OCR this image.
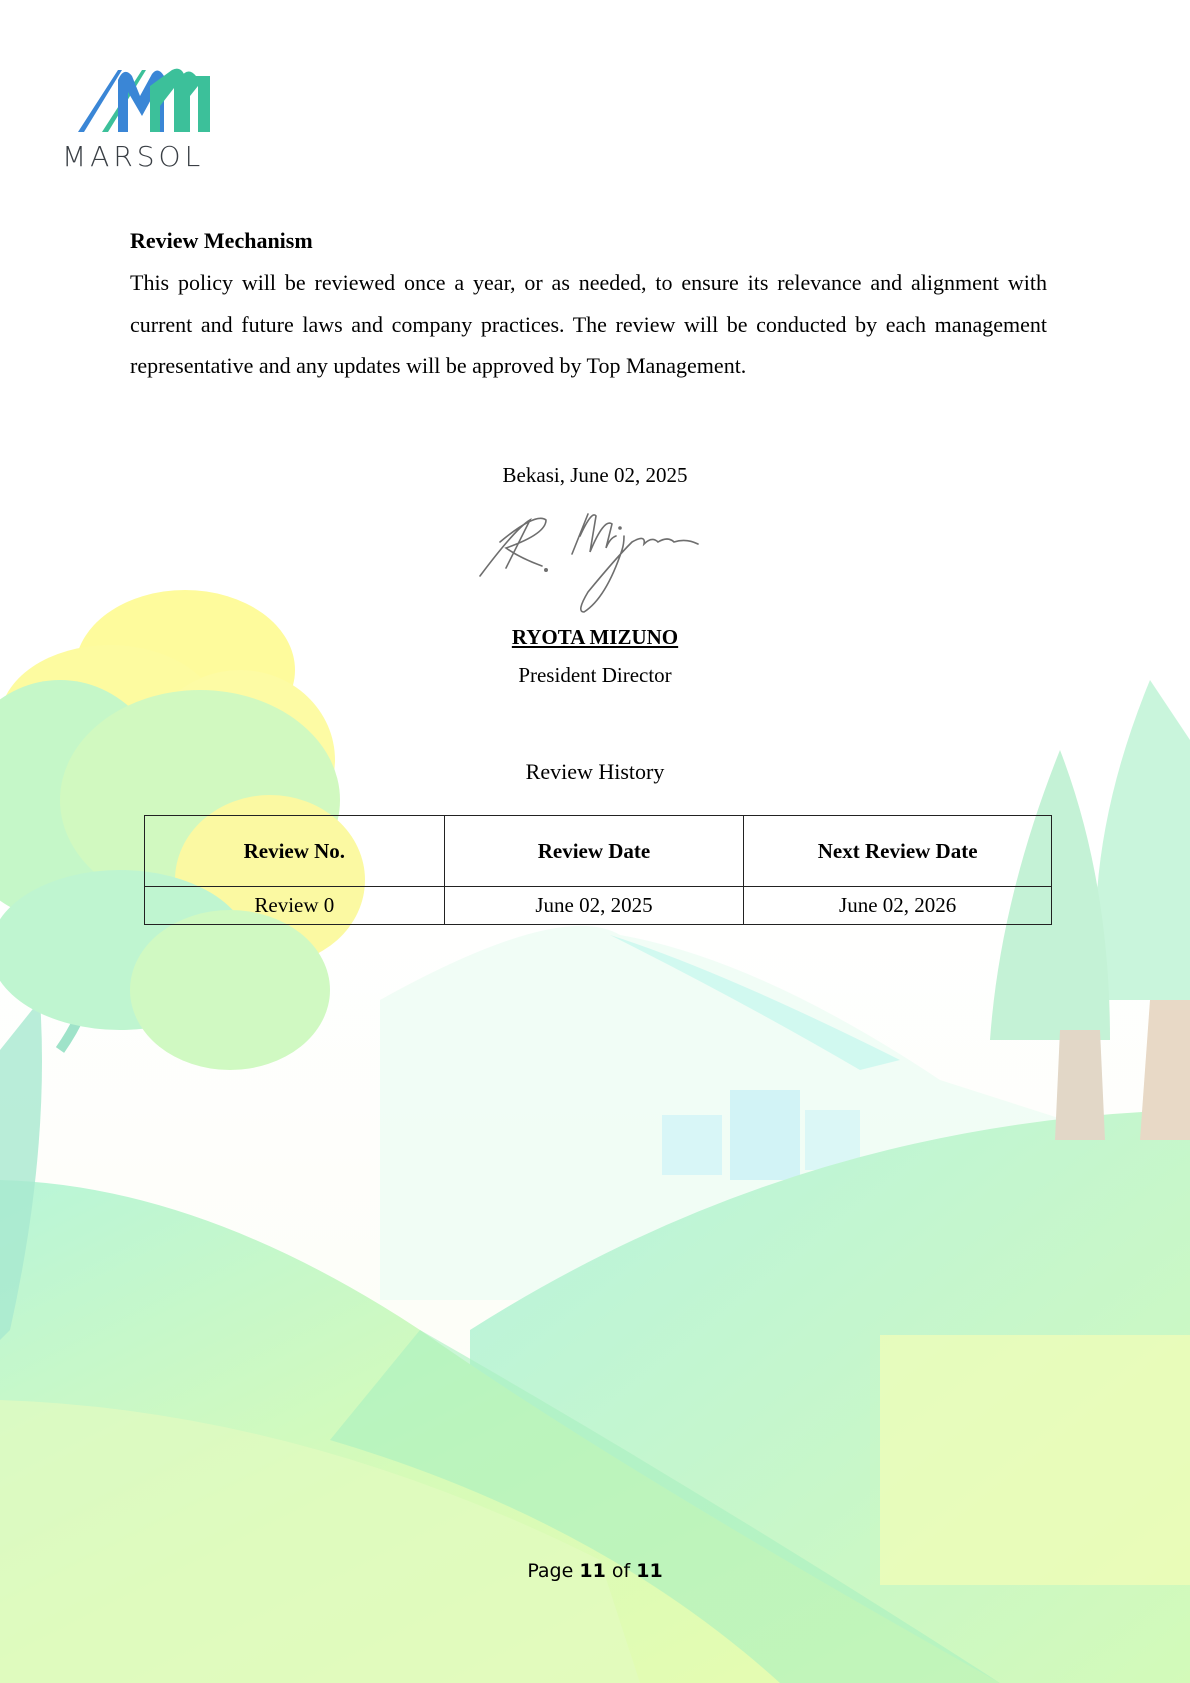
MARSOL
Review Mechanism
This policy will be reviewed once a year, or as needed, to ensure its relevance and alignment with current and future laws and company practices. The review will be conducted by each management representative and any updates will be approved by Top Management.
Bekasi, June 02, 2025
RYOTA MIZUNO
President Director
Review History
Review No.	Review Date	Next Review Date
Review 0	June 02, 2025	June 02, 2026
Page 11 of 11
